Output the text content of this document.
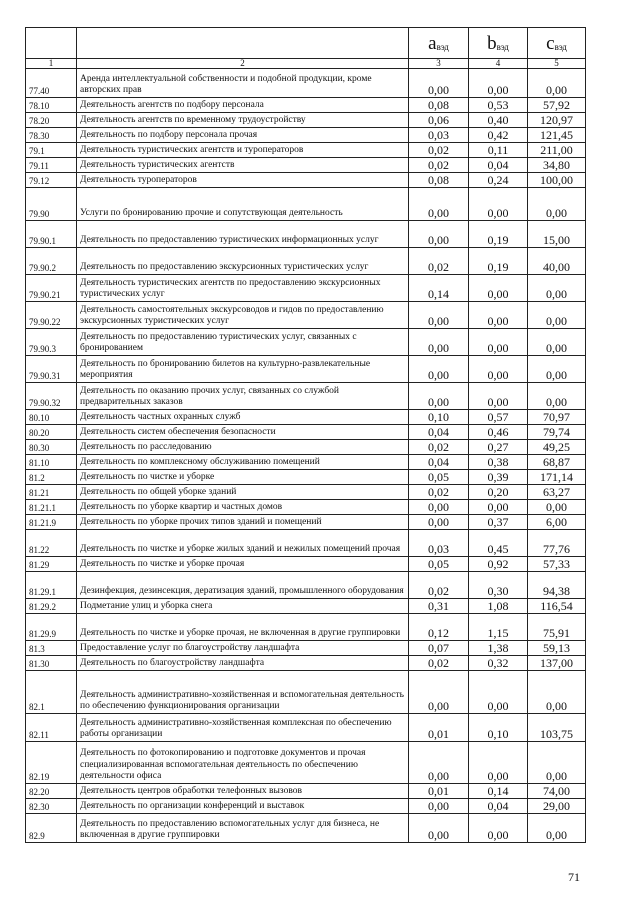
		$a_{вэд}$	$b_{вэд}$	$c_{вэд}$
1	2	3	4	5
77.40	Аренда интеллектуальной собственности и подобной продукции, кроме авторских прав	0,00	0,00	0,00
78.10	Деятельность агентств по подбору персонала	0,08	0,53	57,92
78.20	Деятельность агентств по временному трудоустройству	0,06	0,40	120,97
78.30	Деятельность по подбору персонала прочая	0,03	0,42	121,45
79.1	Деятельность туристических агентств и туроператоров	0,02	0,11	211,00
79.11	Деятельность туристических агентств	0,02	0,04	34,80
79.12	Деятельность туроператоров	0,08	0,24	100,00
79.90	Услуги по бронированию прочие и сопутствующая деятельность	0,00	0,00	0,00
79.90.1	Деятельность по предоставлению туристических информационных услуг	0,00	0,19	15,00
79.90.2	Деятельность по предоставлению экскурсионных туристических услуг	0,02	0,19	40,00
79.90.21	Деятельность туристических агентств по предоставлению экскурсионных туристических услуг	0,14	0,00	0,00
79.90.22	Деятельность самостоятельных экскурсоводов и гидов по предоставлению экскурсионных туристических услуг	0,00	0,00	0,00
79.90.3	Деятельность по предоставлению туристических услуг, связанных с бронированием	0,00	0,00	0,00
79.90.31	Деятельность по бронированию билетов на культурно-развлекательные мероприятия	0,00	0,00	0,00
79.90.32	Деятельность по оказанию прочих услуг, связанных со службой предварительных заказов	0,00	0,00	0,00
80.10	Деятельность частных охранных служб	0,10	0,57	70,97
80.20	Деятельность систем обеспечения безопасности	0,04	0,46	79,74
80.30	Деятельность по расследованию	0,02	0,27	49,25
81.10	Деятельность по комплексному обслуживанию помещений	0,04	0,38	68,87
81.2	Деятельность по чистке и уборке	0,05	0,39	171,14
81.21	Деятельность по общей уборке зданий	0,02	0,20	63,27
81.21.1	Деятельность по уборке квартир и частных домов	0,00	0,00	0,00
81.21.9	Деятельность по уборке прочих типов зданий и помещений	0,00	0,37	6,00
81.22	Деятельность по чистке и уборке жилых зданий и нежилых помещений прочая	0,03	0,45	77,76
81.29	Деятельность по чистке и уборке прочая	0,05	0,92	57,33
81.29.1	Дезинфекция, дезинсекция, дератизация зданий, промышленного оборудования	0,02	0,30	94,38
81.29.2	Подметание улиц и уборка снега	0,31	1,08	116,54
81.29.9	Деятельность по чистке и уборке прочая, не включенная в другие группировки	0,12	1,15	75,91
81.3	Предоставление услуг по благоустройству ландшафта	0,07	1,38	59,13
81.30	Деятельность по благоустройству ландшафта	0,02	0,32	137,00
82.1	Деятельность административно-хозяйственная и вспомогательная деятельность по обеспечению функционирования организации	0,00	0,00	0,00
82.11	Деятельность административно-хозяйственная комплексная по обеспечению работы организации	0,01	0,10	103,75
82.19	Деятельность по фотокопированию и подготовке документов и прочая специализированная вспомогательная деятельность по обеспечению деятельности офиса	0,00	0,00	0,00
82.20	Деятельность центров обработки телефонных вызовов	0,01	0,14	74,00
82.30	Деятельность по организации конференций и выставок	0,00	0,04	29,00
82.9	Деятельность по предоставлению вспомогательных услуг для бизнеса, не включенная в другие группировки	0,00	0,00	0,00
71
